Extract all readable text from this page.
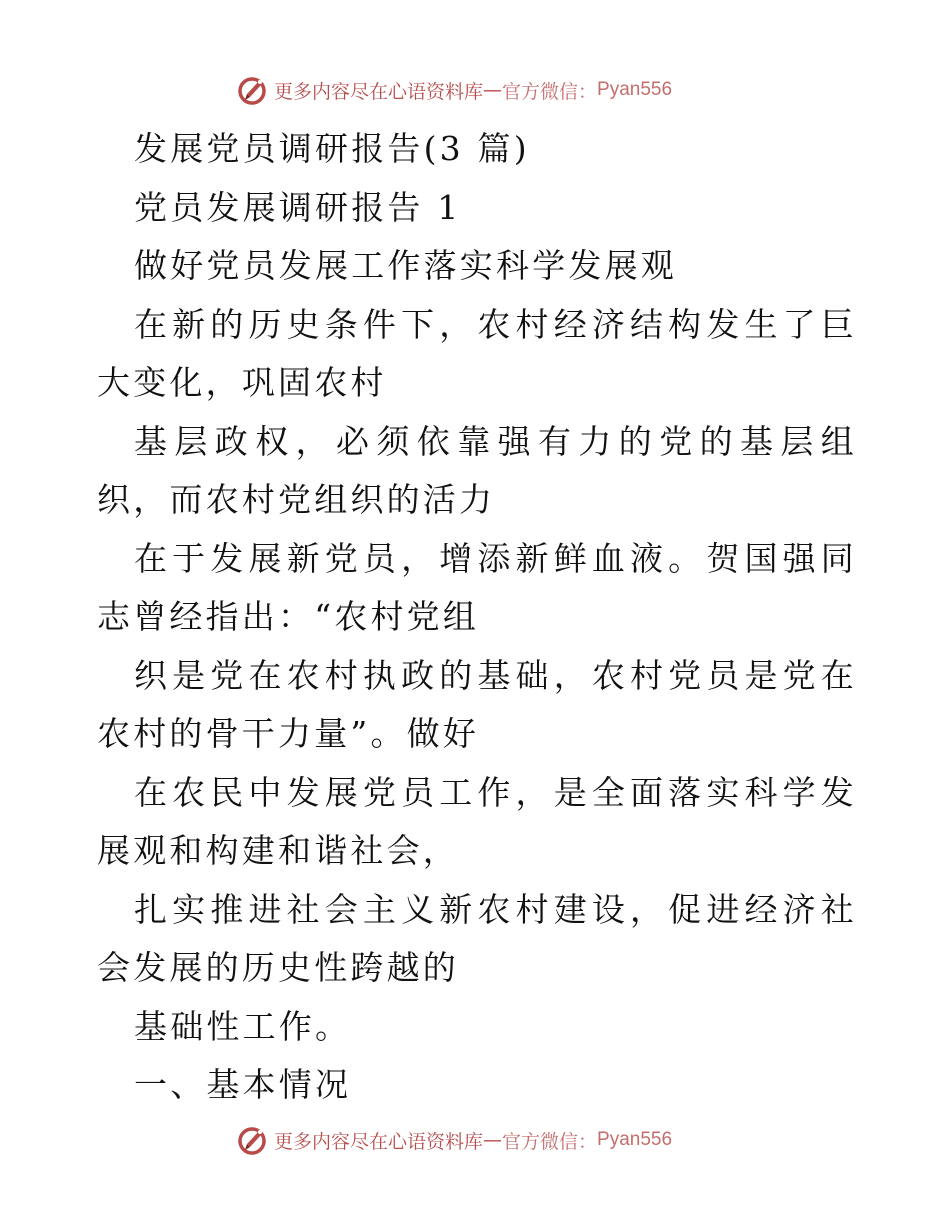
更多内容尽在心语资料库 — 官方微信： Pyan556

发展党员调研报告(3 篇)

党员发展调研报告 1

做好党员发展工作落实科学发展观

在新的历史条件下，农村经济结构发生了巨大变化，巩固农村

基层政权，必须依靠强有力的党的基层组织，而农村党组织的活力

在于发展新党员，增添新鲜血液。贺国强同志曾经指出：“农村党组

织是党在农村执政的基础，农村党员是党在农村的骨干力量”。做好

在农民中发展党员工作，是全面落实科学发展观和构建和谐社会，

扎实推进社会主义新农村建设，促进经济社会发展的历史性跨越的

基础性工作。

一、基本情况

更多内容尽在心语资料库 — 官方微信： Pyan556
